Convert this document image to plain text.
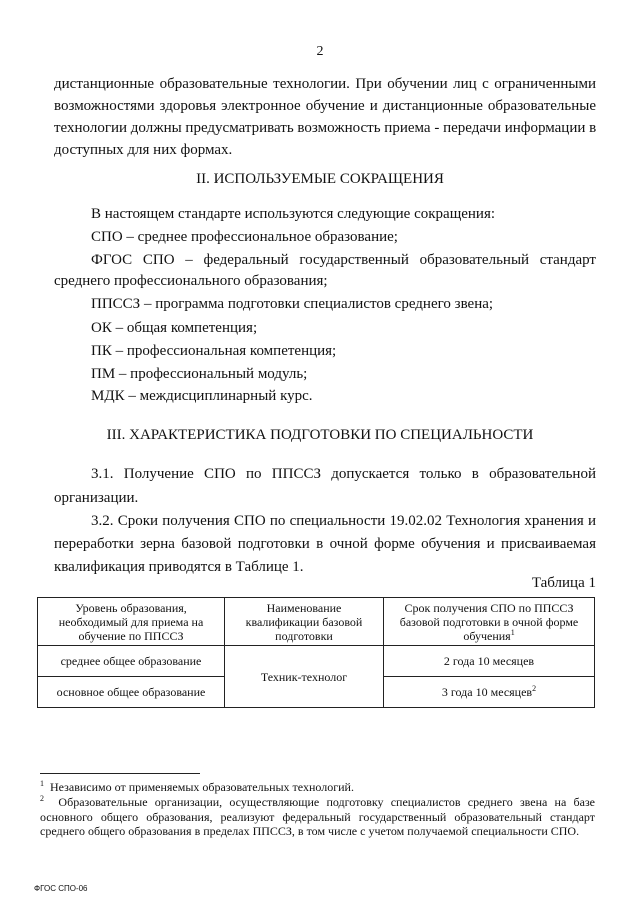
2
дистанционные образовательные технологии. При обучении лиц с ограниченными
возможностями здоровья электронное обучение и дистанционные образовательные
технологии должны предусматривать возможность приема - передачи информации в
доступных для них формах.
II. ИСПОЛЬЗУЕМЫЕ СОКРАЩЕНИЯ
В настоящем стандарте используются следующие сокращения:
СПО – среднее профессиональное образование;
ФГОС СПО – федеральный государственный образовательный стандарт
среднего профессионального образования;
ППССЗ – программа подготовки специалистов среднего звена;
ОК – общая компетенция;
ПК – профессиональная компетенция;
ПМ – профессиональный модуль;
МДК – междисциплинарный курс.
III. ХАРАКТЕРИСТИКА ПОДГОТОВКИ ПО СПЕЦИАЛЬНОСТИ
3.1. Получение СПО по ППССЗ допускается только в образовательной
организации.
3.2. Сроки получения СПО по специальности 19.02.02 Технология хранения и
переработки зерна базовой подготовки в очной форме обучения и присваиваемая
квалификация приводятся в Таблице 1.
Таблица 1
Уровень образования, необходимый для приема на обучение по ППССЗ	Наименование квалификации базовой подготовки	Срок получения СПО по ППССЗ базовой подготовки в очной форме обучения$^1$
среднее общее образование	Техник-технолог	2 года 10 месяцев
основное общее образование		3 года 10 месяцев$^2$
$^1$ Независимо от применяемых образовательных технологий.
$^2$ Образовательные организации, осуществляющие подготовку специалистов среднего звена на базе основного общего образования, реализуют федеральный государственный образовательный стандарт среднего общего образования в пределах ППССЗ, в том числе с учетом получаемой специальности СПО.
ФГОС СПО-06
